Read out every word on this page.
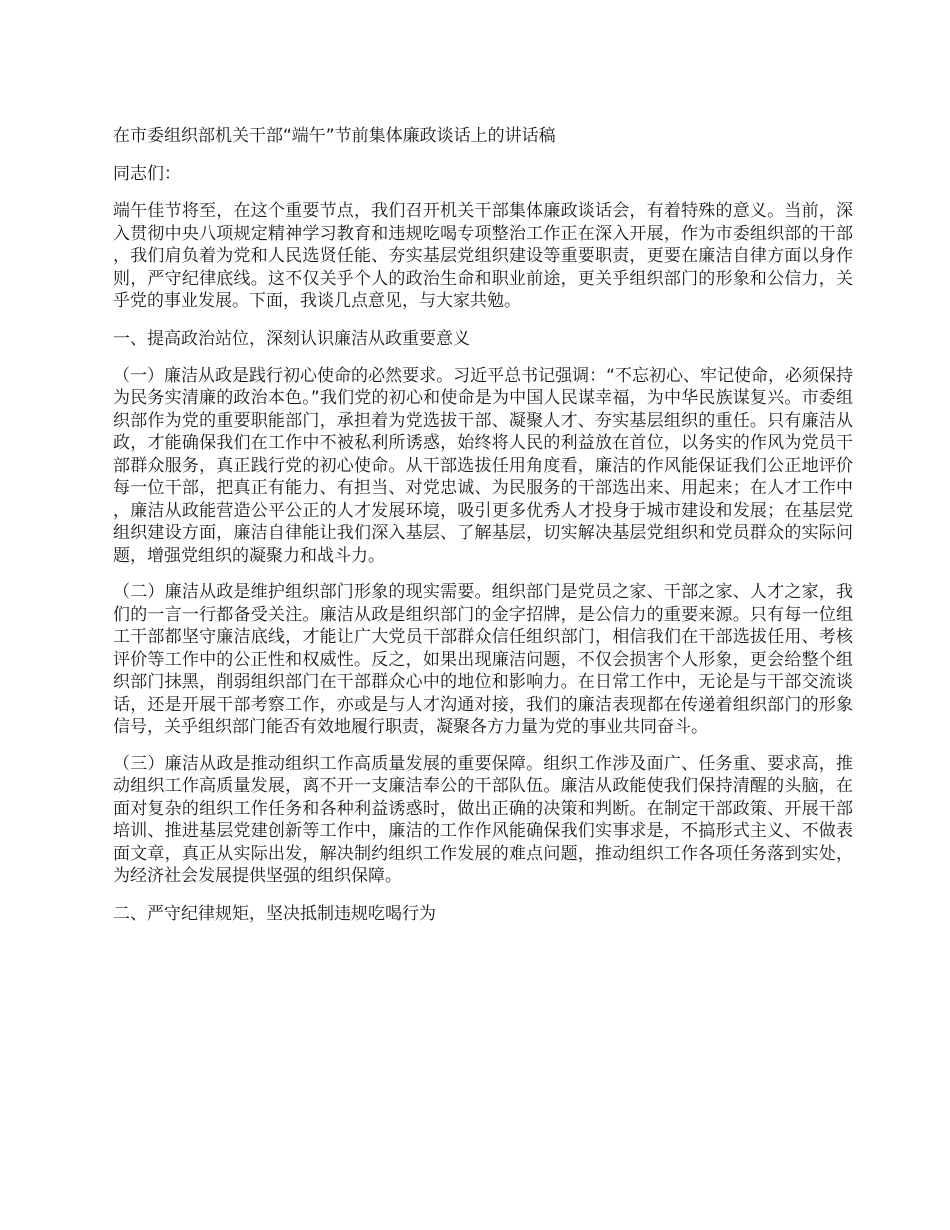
在市委组织部机关干部“端午”节前集体廉政谈话上的讲话稿
同志们：
端午佳节将至，在这个重要节点，我们召开机关干部集体廉政谈话会，有着特殊的意义。当前，深入贯彻中央八项规定精神学习教育和违规吃喝专项整治工作正在深入开展，作为市委组织部的干部，我们肩负着为党和人民选贤任能、夯实基层党组织建设等重要职责，更要在廉洁自律方面以身作则，严守纪律底线。这不仅关乎个人的政治生命和职业前途，更关乎组织部门的形象和公信力，关乎党的事业发展。下面，我谈几点意见，与大家共勉。
一、提高政治站位，深刻认识廉洁从政重要意义
（一）廉洁从政是践行初心使命的必然要求。习近平总书记强调：“不忘初心、牢记使命，必须保持为民务实清廉的政治本色。”我们党的初心和使命是为中国人民谋幸福，为中华民族谋复兴。市委组织部作为党的重要职能部门，承担着为党选拔干部、凝聚人才、夯实基层组织的重任。只有廉洁从政，才能确保我们在工作中不被私利所诱惑，始终将人民的利益放在首位，以务实的作风为党员干部群众服务，真正践行党的初心使命。从干部选拔任用角度看，廉洁的作风能保证我们公正地评价每一位干部，把真正有能力、有担当、对党忠诚、为民服务的干部选出来、用起来；在人才工作中，廉洁从政能营造公平公正的人才发展环境，吸引更多优秀人才投身于城市建设和发展；在基层党组织建设方面，廉洁自律能让我们深入基层、了解基层，切实解决基层党组织和党员群众的实际问题，增强党组织的凝聚力和战斗力。
（二）廉洁从政是维护组织部门形象的现实需要。组织部门是党员之家、干部之家、人才之家，我们的一言一行都备受关注。廉洁从政是组织部门的金字招牌，是公信力的重要来源。只有每一位组工干部都坚守廉洁底线，才能让广大党员干部群众信任组织部门，相信我们在干部选拔任用、考核评价等工作中的公正性和权威性。反之，如果出现廉洁问题，不仅会损害个人形象，更会给整个组织部门抹黑，削弱组织部门在干部群众心中的地位和影响力。在日常工作中，无论是与干部交流谈话，还是开展干部考察工作，亦或是与人才沟通对接，我们的廉洁表现都在传递着组织部门的形象信号，关乎组织部门能否有效地履行职责，凝聚各方力量为党的事业共同奋斗。
（三）廉洁从政是推动组织工作高质量发展的重要保障。组织工作涉及面广、任务重、要求高，推动组织工作高质量发展，离不开一支廉洁奉公的干部队伍。廉洁从政能使我们保持清醒的头脑，在面对复杂的组织工作任务和各种利益诱惑时，做出正确的决策和判断。在制定干部政策、开展干部培训、推进基层党建创新等工作中，廉洁的工作作风能确保我们实事求是，不搞形式主义、不做表面文章，真正从实际出发，解决制约组织工作发展的难点问题，推动组织工作各项任务落到实处，为经济社会发展提供坚强的组织保障。
二、严守纪律规矩，坚决抵制违规吃喝行为
